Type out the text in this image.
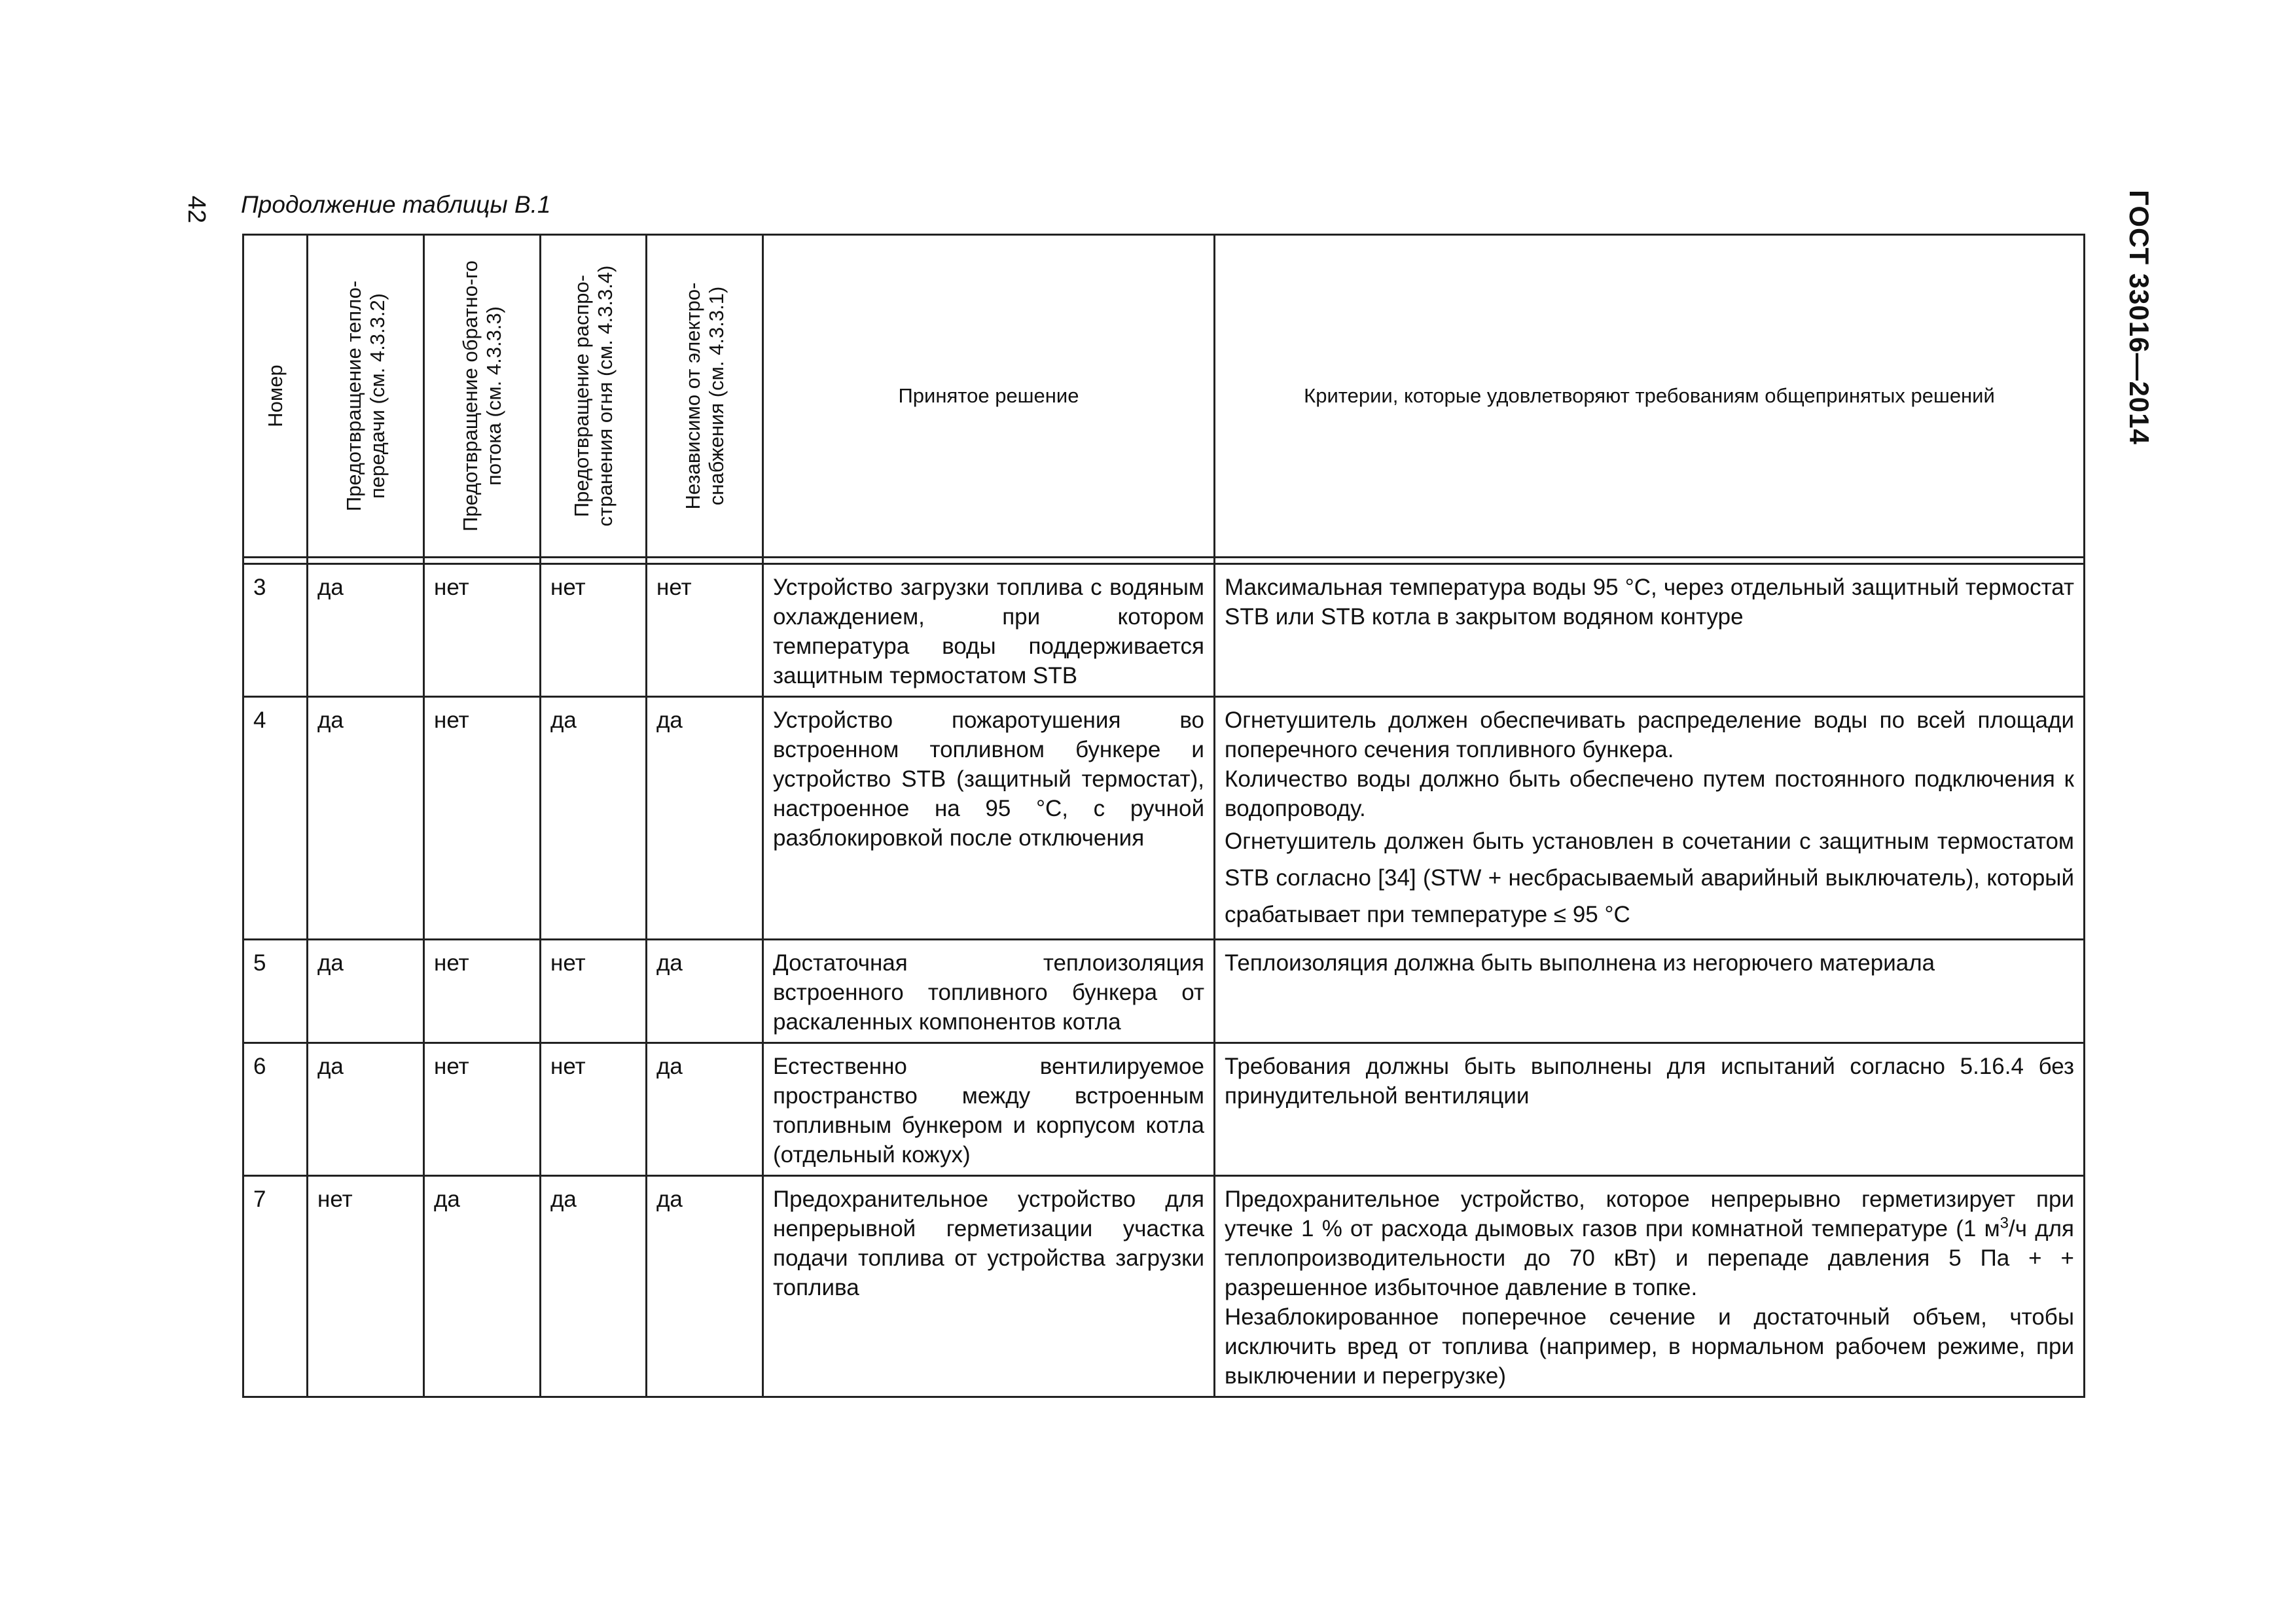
42 Продолжение таблицы В.1	ГОСТ 33016—2014
Номер	Предотвращение тепло-передачи (см. 4.3.3.2)	Предотвращение обратно-го потока (см. 4.3.3.3)	Предотвращение распро-странения огня (см. 4.3.3.4)	Независимо от электро-снабжения (см. 4.3.3.1)	Принятое решение	Критерии, которые удовлетворяют требованиям общепринятых решений

3	да	нет	нет	нет	Устройство загрузки топлива с водяным охлаждением, при котором температура воды поддерживается защитным термостатом STB	Максимальная температура воды 95 °С, через отдельный защитный термостат STB или STB котла в закрытом водяном контуре
4	да	нет	да	да	Устройство пожаротушения во встроенном топливном бункере и устройство STB (защитный термостат), настроенное на 95 °С, с ручной разблокировкой после отключения	Огнетушитель должен обеспечивать распределение воды по всей площади поперечного сечения топливного бункера.
Количество воды должно быть обеспечено путем постоянного подключения к водопроводу.
Огнетушитель должен быть установлен в сочетании с защитным термостатом STB согласно [34] (STW + несбрасываемый аварийный выключатель), который срабатывает при температуре ≤ 95 °С

5	да	нет	нет	да	Достаточная теплоизоляция встроенного топливного бункера от раскаленных компонентов котла	Теплоизоляция должна быть выполнена из негорючего материала
6	да	нет	нет	да	Естественно вентилируемое пространство между встроенным топливным бункером и корпусом котла (отдельный кожух)	Требования должны быть выполнены для испытаний согласно 5.16.4 без принудительной вентиляции
7	нет	да	да	да	Предохранительное устройство для непрерывной герметизации участка подачи топлива от устройства загрузки топлива	Предохранительное устройство, которое непрерывно герметизирует при утечке 1 % от расхода дымовых газов при комнатной температуре (1 $м^3/ч$ для теплопроизводительности до 70 кВт) и перепаде давления 5 Па + + разрешенное избыточное давление в топке.
Незаблокированное поперечное сечение и достаточный объем, чтобы исключить вред от топлива (например, в нормальном рабочем режиме, при выключении и перегрузке)
